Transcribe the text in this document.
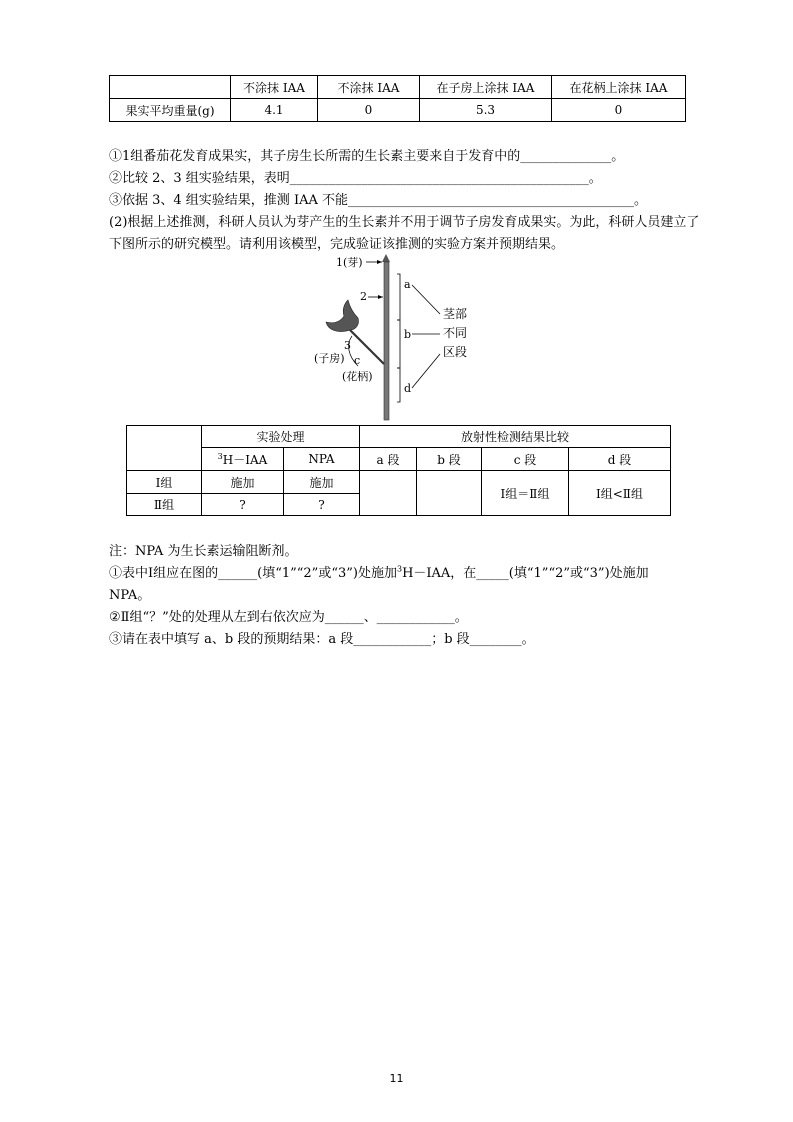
	不涂抹 IAA	不涂抹 IAA	在子房上涂抹 IAA	在花柄上涂抹 IAA
果实平均重量(g)	4.1	0	5.3	0
①1组番茄花发育成果实，其子房生长所需的生长素主要来自于发育中的______________。
②比较 2、3 组实验结果，表明______________________________________________。
③依据 3、4 组实验结果，推测 IAA 不能____________________________________________。
(2)根据上述推测，科研人员认为芽产生的生长素并不用于调节子房发育成果实。为此，科研人员建立了
下图所示的研究模型。请利用该模型，完成验证该推测的实验方案并预期结果。
1(芽)
2
3
(子房) c
(花柄)
a
b
d
茎部
不同
区段
	实验处理		放射性检测结果比较			
	$^3$H－IAA	NPA	a 段	b 段	c 段	d 段
Ⅰ组	施加	施加			Ⅰ组＝Ⅱ组	Ⅰ组<Ⅱ组
Ⅱ组	?	?				
注：NPA 为生长素运输阻断剂。
①表中Ⅰ组应在图的______(填“1”“2”或“3”)处施加$^3$H－IAA，在_____(填“1”“2”或“3”)处施加
NPA。
②Ⅱ组“？”处的处理从左到右依次应为______、____________。
③请在表中填写 a、b 段的预期结果：a 段____________；b 段________。
11
